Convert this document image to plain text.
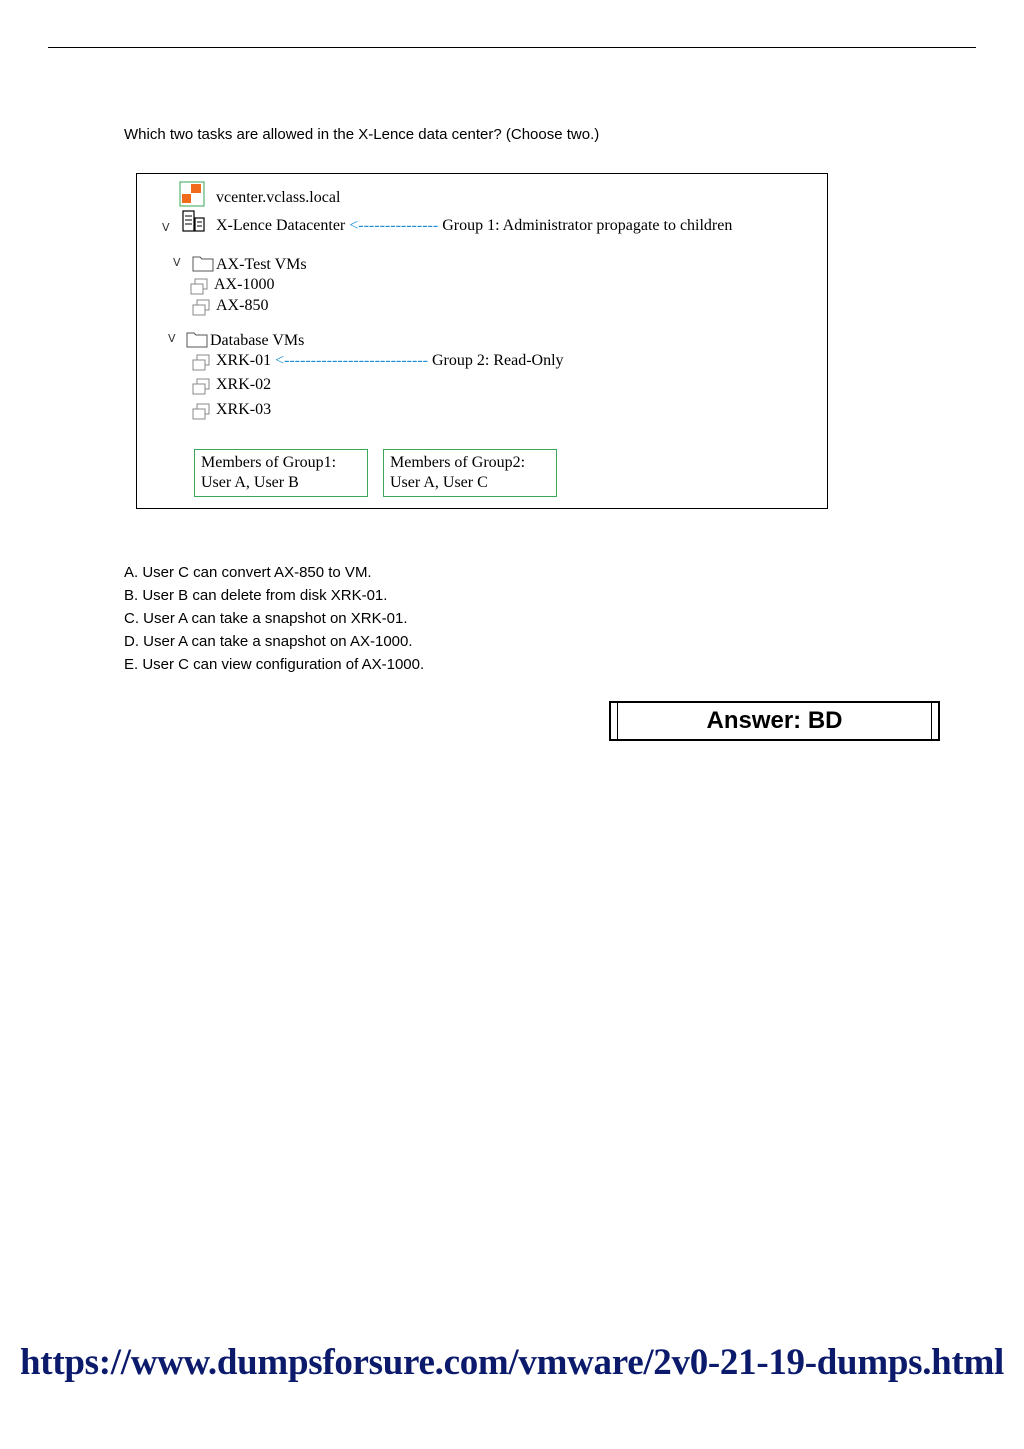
Which two tasks are allowed in the X-Lence data center? (Choose two.)
vcenter.vclass.local
V	X-Lence Datacenter <--------------- Group 1: Administrator propagate to children
V AX-Test VMs
AX-1000
AX-850
V Database VMs
XRK-01 <--------------------------- Group 2: Read-Only
XRK-02
XRK-03
Members of Group1:
User A, User B
Members of Group2:
User A, User C
A. User C can convert AX-850 to VM.
B. User B can delete from disk XRK-01.
C. User A can take a snapshot on XRK-01.
D. User A can take a snapshot on AX-1000.
E. User C can view configuration of AX-1000.
Answer: BD
https://www.dumpsforsure.com/vmware/2v0-21-19-dumps.html
